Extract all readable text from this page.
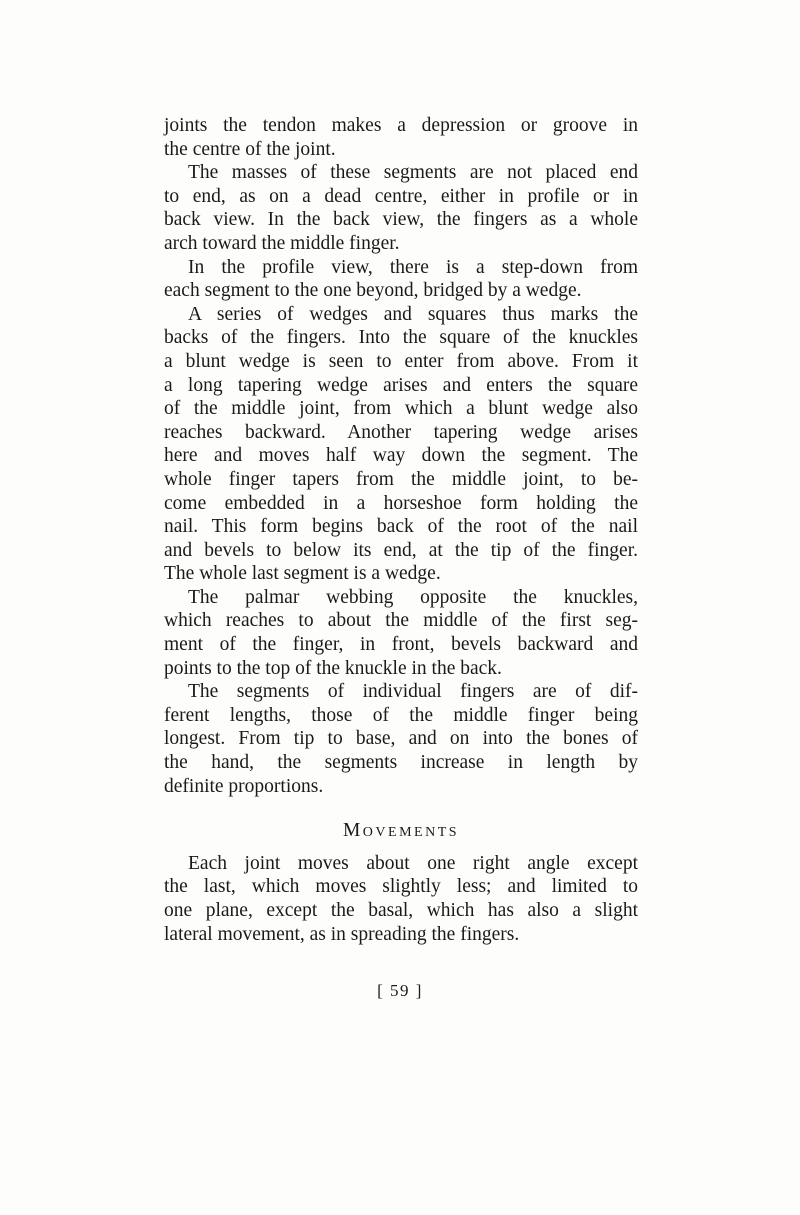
joints the tendon makes a depression or groove in
the centre of the joint.
The masses of these segments are not placed end
to end, as on a dead centre, either in profile or in
back view. In the back view, the fingers as a whole
arch toward the middle finger.
In the profile view, there is a step-down from
each segment to the one beyond, bridged by a wedge.
A series of wedges and squares thus marks the
backs of the fingers. Into the square of the knuckles
a blunt wedge is seen to enter from above. From it
a long tapering wedge arises and enters the square
of the middle joint, from which a blunt wedge also
reaches backward. Another tapering wedge arises
here and moves half way down the segment. The
whole finger tapers from the middle joint, to be-
come embedded in a horseshoe form holding the
nail. This form begins back of the root of the nail
and bevels to below its end, at the tip of the finger.
The whole last segment is a wedge.
The palmar webbing opposite the knuckles,
which reaches to about the middle of the first seg-
ment of the finger, in front, bevels backward and
points to the top of the knuckle in the back.
The segments of individual fingers are of dif-
ferent lengths, those of the middle finger being
longest. From tip to base, and on into the bones of
the hand, the segments increase in length by
definite proportions.
Movements
Each joint moves about one right angle except
the last, which moves slightly less; and limited to
one plane, except the basal, which has also a slight
lateral movement, as in spreading the fingers.
[ 59 ]
